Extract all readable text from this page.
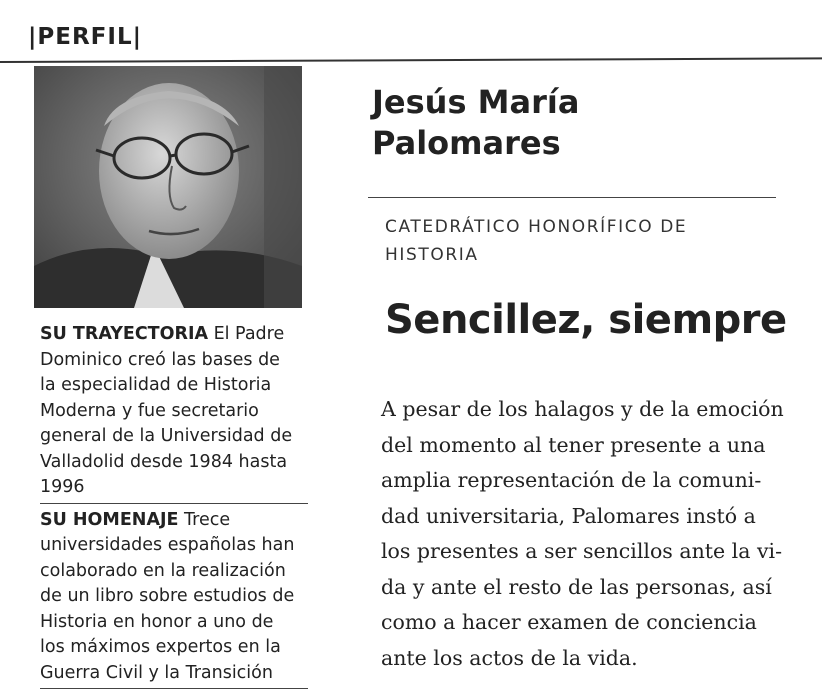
|PERFIL|
SU TRAYECTORIA El Padre
Dominico creó las bases de
la especialidad de Historia
Moderna y fue secretario
general de la Universidad de
Valladolid desde 1984 hasta
1996
SU HOMENAJE Trece
universidades españolas han
colaborado en la realización
de un libro sobre estudios de
Historia en honor a uno de
los máximos expertos en la
Guerra Civil y la Transición
Jesús María
Palomares
CATEDRÁTICO HONORÍFICO DE
HISTORIA
Sencillez, siempre
A pesar de los halagos y de la emoción
del momento al tener presente a una
amplia representación de la comuni-
dad universitaria, Palomares instó a
los presentes a ser sencillos ante la vi-
da y ante el resto de las personas, así
como a hacer examen de conciencia
ante los actos de la vida.
